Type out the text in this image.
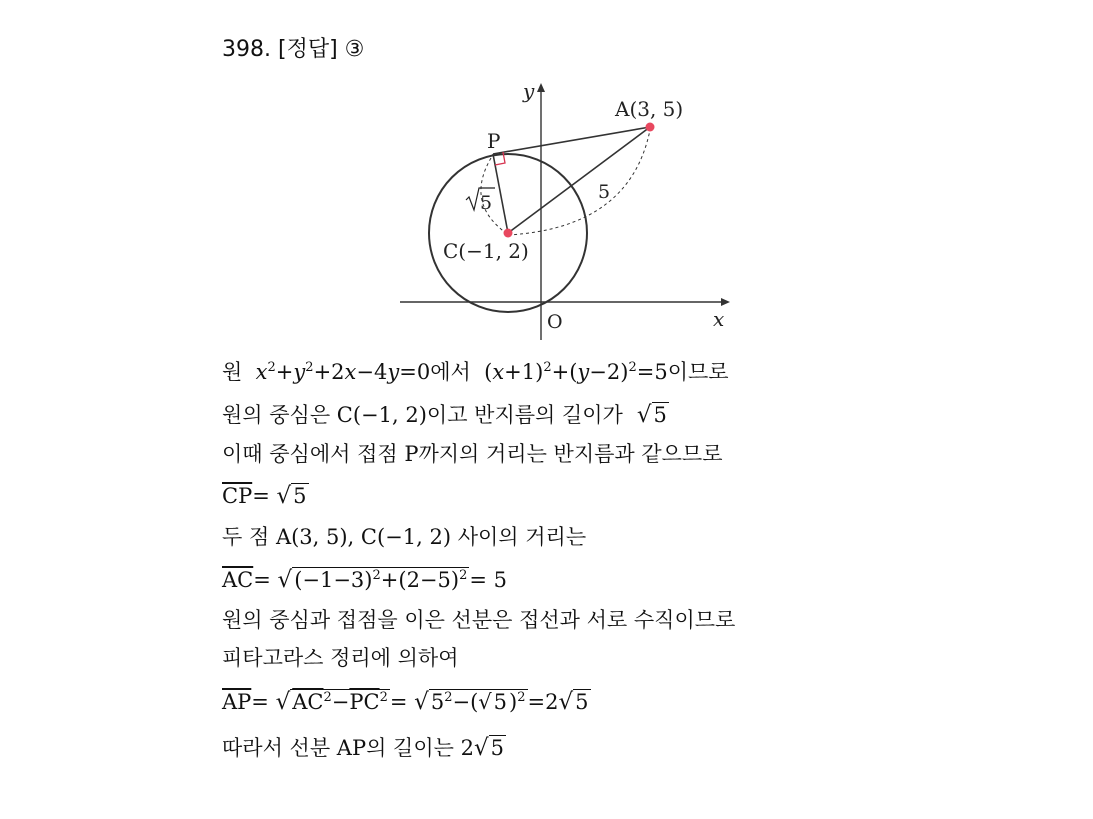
398. [정답] ③
A(3, 5)
P
C(−1, 2)
O	x
y
5
5
원 $x^2+y^2+2x-4y=0$에서  $(x+1)^2+(y-2)^2=5$이므로
원의 중심은 C(−1, 2)이고 반지름의 길이가  √5
이때 중심에서 접점 P까지의 거리는 반지름과 같으므로
$\overline{CP}= √5$
두 점 A(3, 5), C(−1, 2) 사이의 거리는
$\overline{AC}= √(-1-3)^2+(2-5)^2= 5$
원의 중심과 접점을 이은 선분은 접선과 서로 수직이므로
피타고라스 정리에 의하여
$\overline{AP}= √AC^2-\overline{PC}^2= √5^2-(√5)^2=2√5$
따라서 선분 AP의 길이는 2√5
